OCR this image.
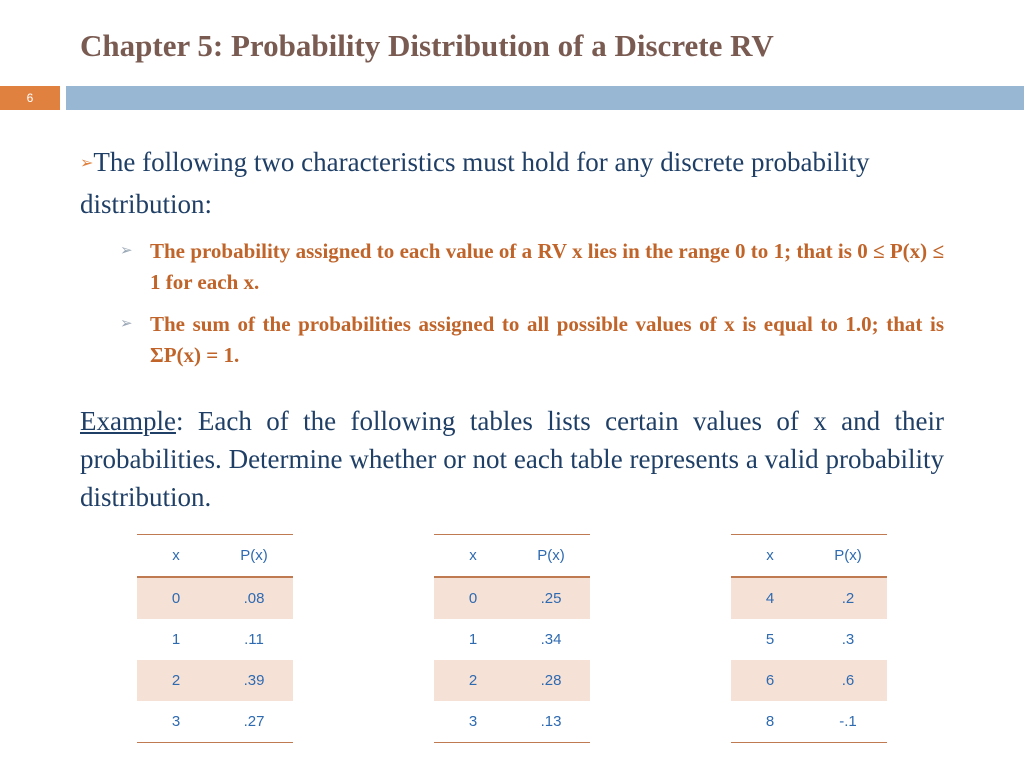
Chapter 5: Probability Distribution of a Discrete RV
6
➢The following two characteristics must hold for any discrete probability distribution:
➢ The probability assigned to each value of a RV x lies in the range 0 to 1; that is 0 ≤ P(x) ≤ 1 for each x.
➢ The sum of the probabilities assigned to all possible values of x is equal to 1.0; that is ΣP(x) = 1.
Example: Each of the following tables lists certain values of x and their probabilities. Determine whether or not each table represents a valid probability distribution.
x	P(x)
0	.08
1	.11
2	.39
3	.27
x	P(x)
0	.25
1	.34
2	.28
3	.13
x	P(x)
4	.2
5	.3
6	.6
8	-.1
